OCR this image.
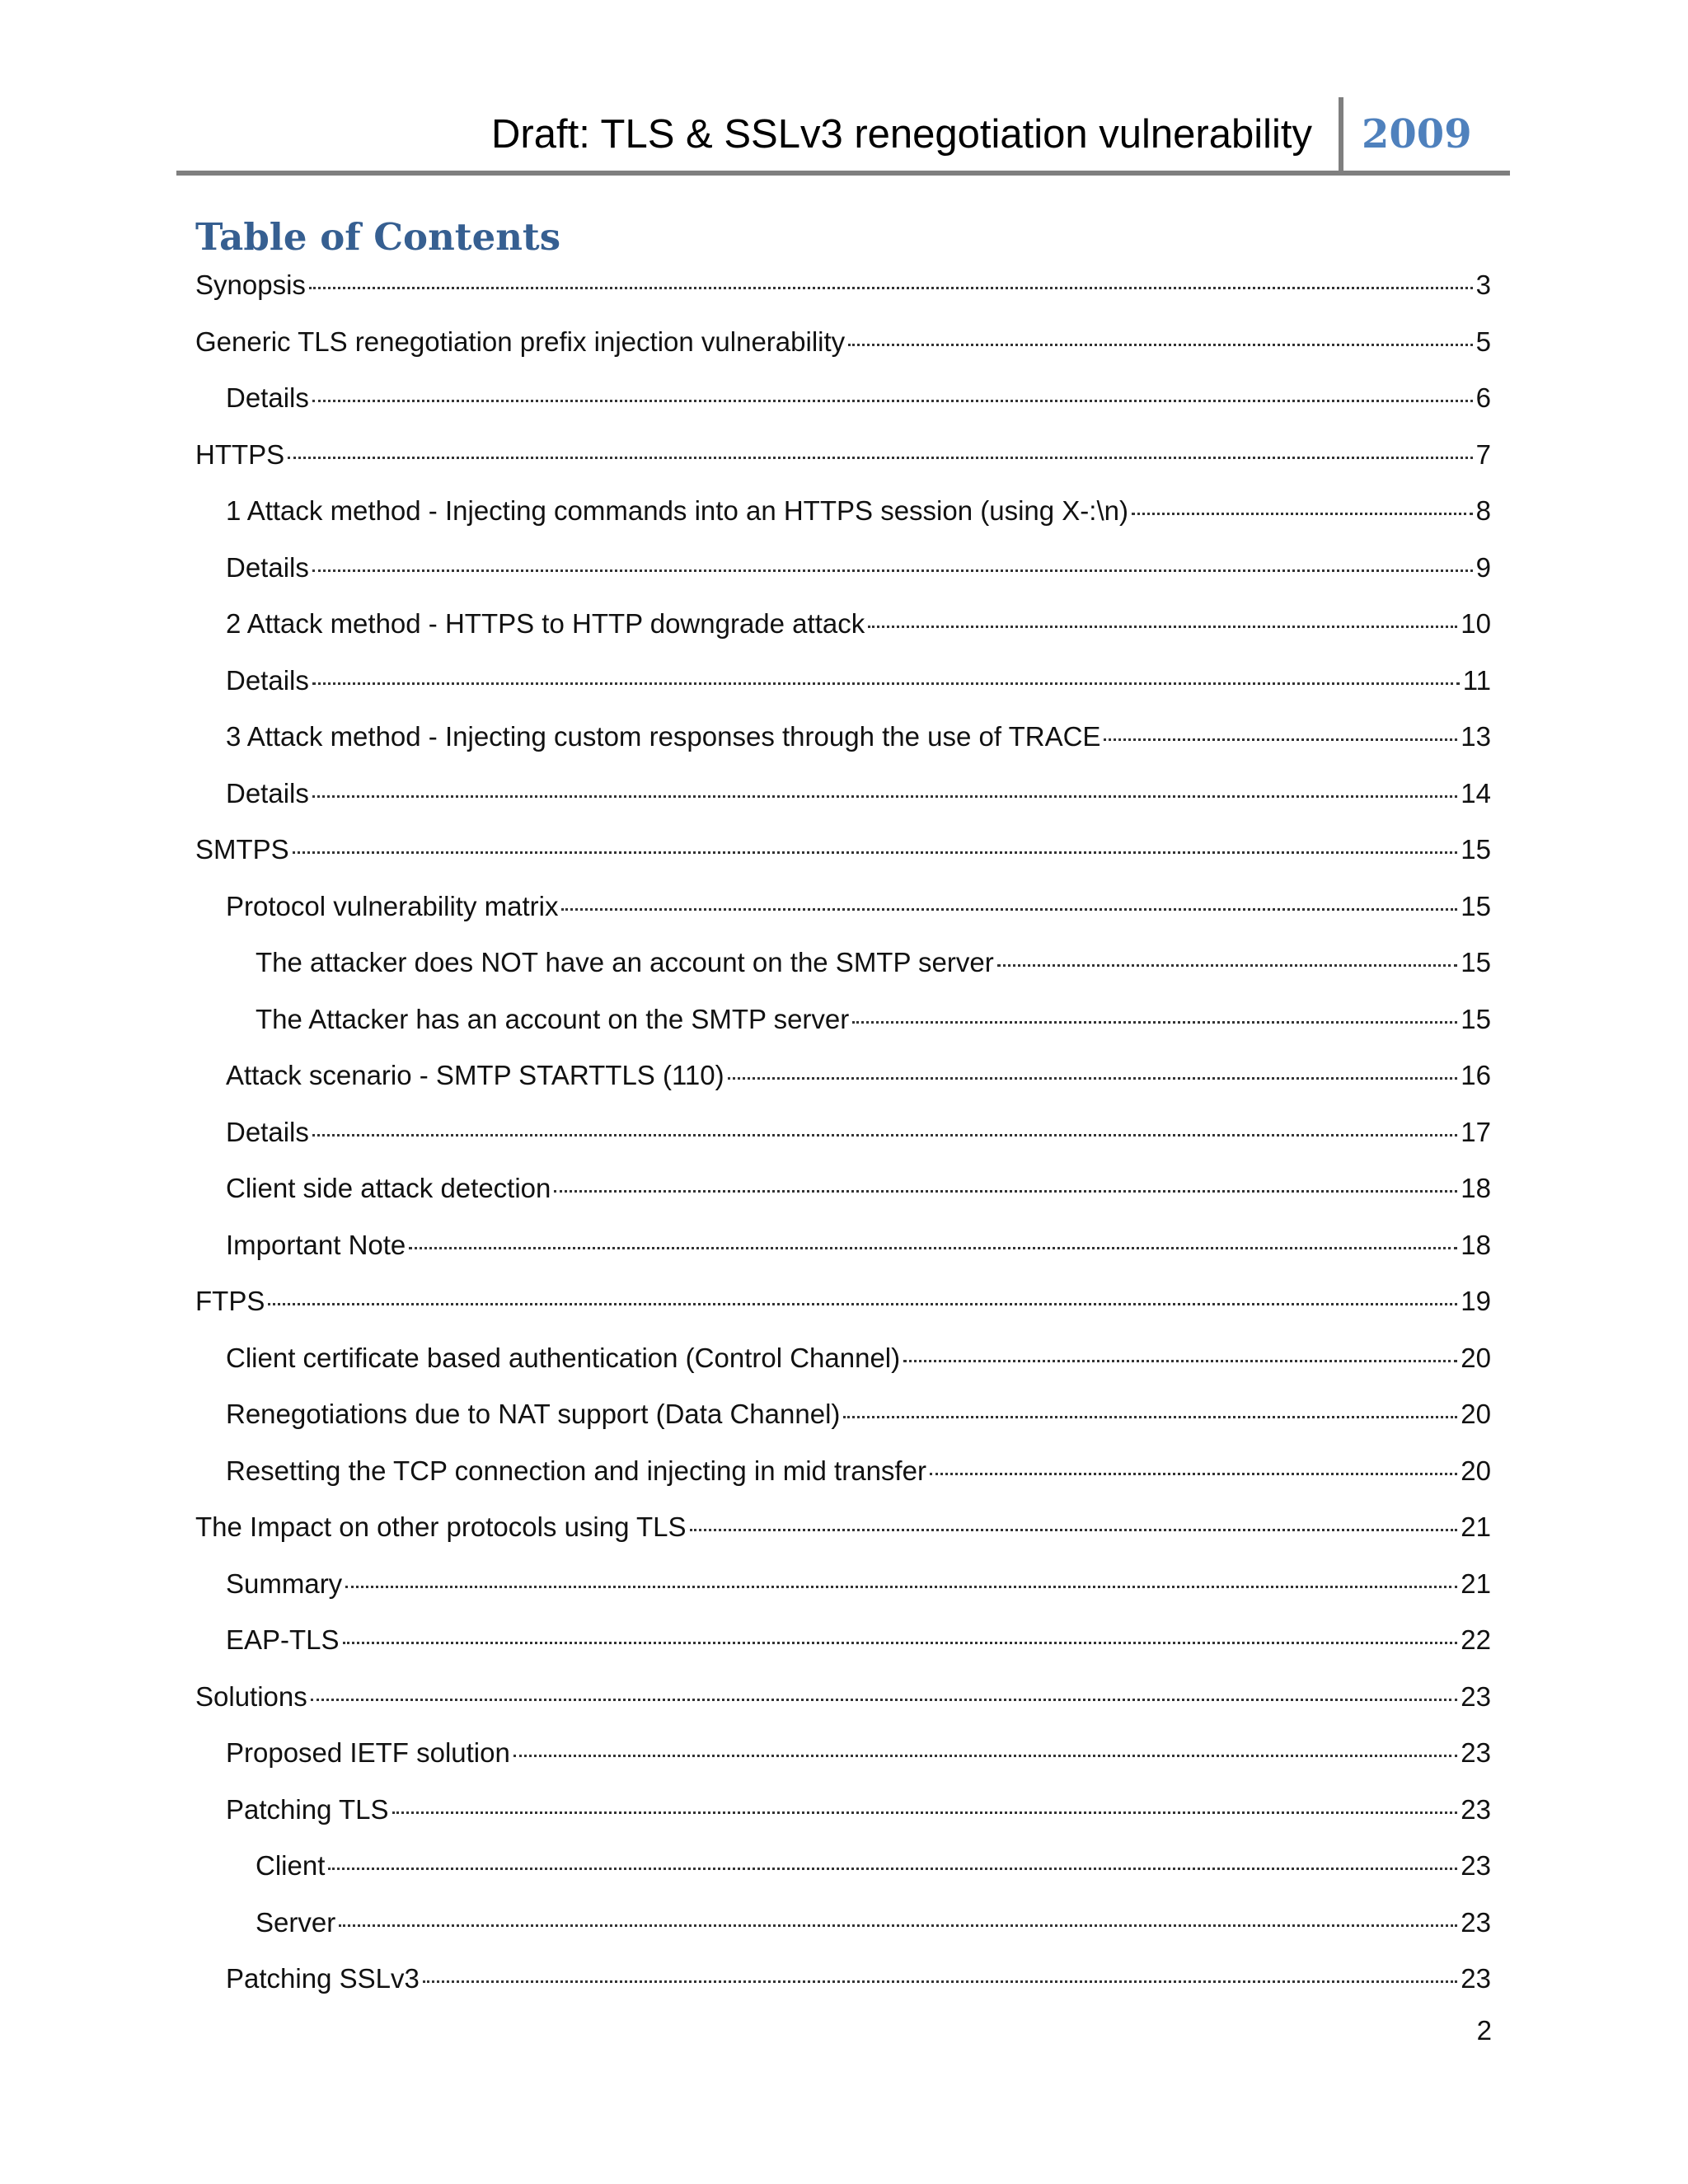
Draft: TLS & SSLv3 renegotiation vulnerability 2009
Table of Contents
Synopsis	3
Generic TLS renegotiation prefix injection vulnerability	5
Details	6
HTTPS	7
1 Attack method - Injecting commands into an HTTPS session (using X-:\n)	8
Details	9
2 Attack method - HTTPS to HTTP downgrade attack	10
Details	11
3 Attack method - Injecting custom responses through the use of TRACE	13
Details	14
SMTPS	15
Protocol vulnerability matrix	15
The attacker does NOT have an account on the SMTP server	15
The Attacker has an account on the SMTP server	15
Attack scenario - SMTP STARTTLS (110)	16
Details	17
Client side attack detection	18
Important Note	18
FTPS	19
Client certificate based authentication (Control Channel)	20
Renegotiations due to NAT support (Data Channel)	20
Resetting the TCP connection and injecting in mid transfer	20
The Impact on other protocols using TLS	21
Summary	21
EAP-TLS	22
Solutions	23
Proposed IETF solution	23
Patching TLS	23
Client	23
Server	23
Patching SSLv3	23
2
